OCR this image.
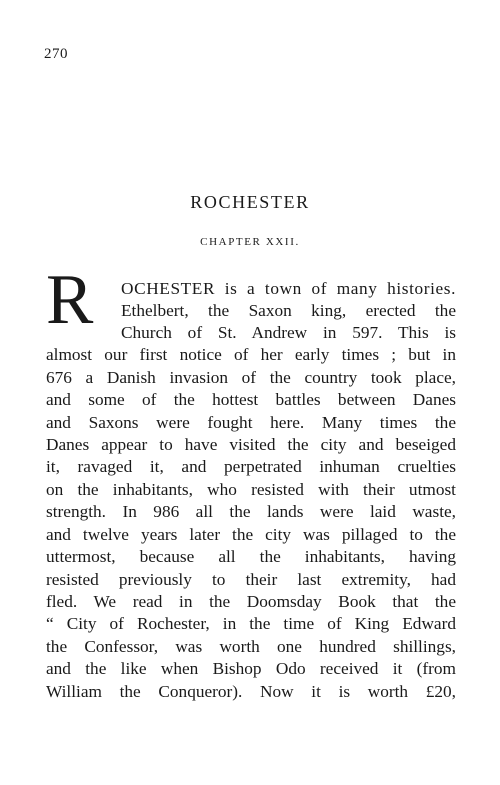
270
ROCHESTER
CHAPTER XXII.
R OCHESTER is a town of many histories.
Ethelbert, the Saxon king, erected the
Church of St. Andrew in 597. This is
almost our first notice of her early times ; but in
676 a Danish invasion of the country took place,
and some of the hottest battles between Danes
and Saxons were fought here. Many times the
Danes appear to have visited the city and beseiged
it, ravaged it, and perpetrated inhuman cruelties
on the inhabitants, who resisted with their utmost
strength. In 986 all the lands were laid waste,
and twelve years later the city was pillaged to the
uttermost, because all the inhabitants, having
resisted previously to their last extremity, had
fled. We read in the Doomsday Book that the
“ City of Rochester, in the time of King Edward
the Confessor, was worth one hundred shillings,
and the like when Bishop Odo received it (from
William the Conqueror). Now it is worth £20,
